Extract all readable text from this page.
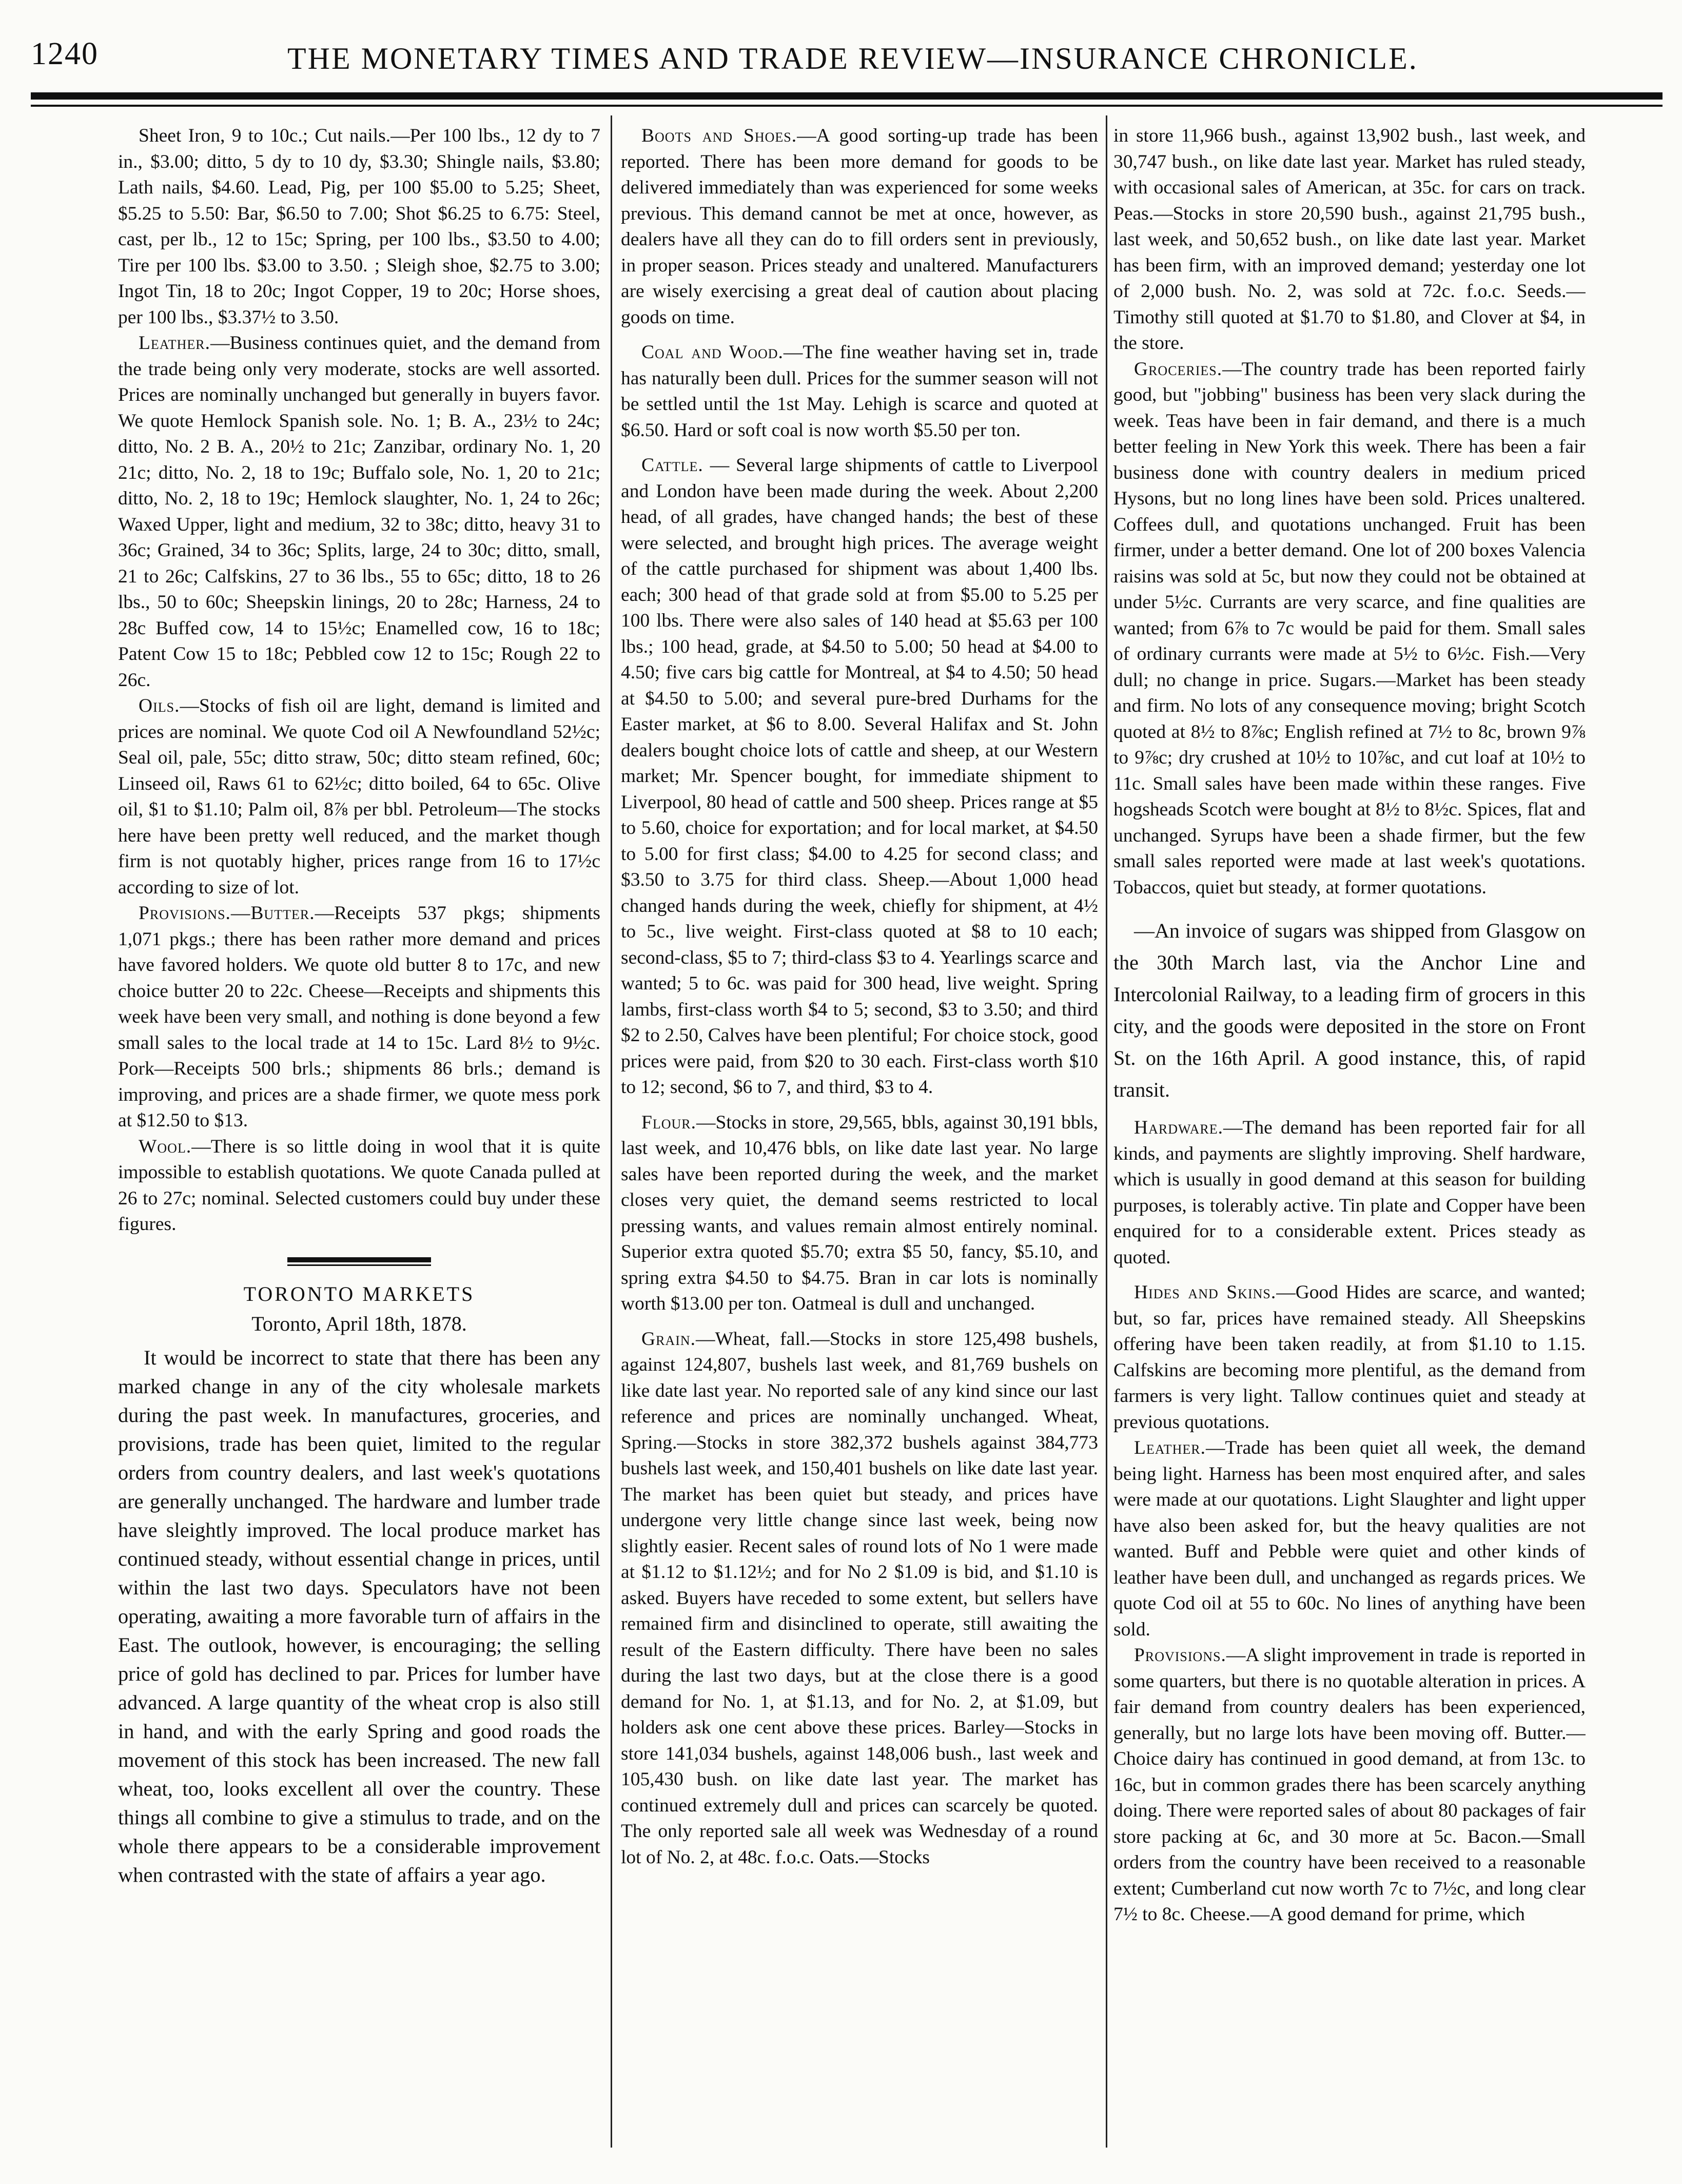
1240	THE MONETARY TIMES AND TRADE REVIEW—INSURANCE CHRONICLE.

Sheet Iron, 9 to 10c.; Cut nails.—Per 100 lbs., 12 dy to 7 in., $3.00; ditto, 5 dy to 10 dy, $3.30; Shingle nails, $3.80; Lath nails, $4.60. Lead, Pig, per 100 $5.00 to 5.25; Sheet, $5.25 to 5.50: Bar, $6.50 to 7.00; Shot $6.25 to 6.75: Steel, cast, per lb., 12 to 15c; Spring, per 100 lbs., $3.50 to 4.00; Tire per 100 lbs. $3.00 to 3.50. ; Sleigh shoe, $2.75 to 3.00; Ingot Tin, 18 to 20c; Ingot Copper, 19 to 20c; Horse shoes, per 100 lbs., $3.37½ to 3.50.

Leather.—Business continues quiet, and the demand from the trade being only very moderate, stocks are well assorted. Prices are nominally unchanged but generally in buyers favor. We quote Hemlock Spanish sole. No. 1; B. A., 23½ to 24c; ditto, No. 2 B. A., 20½ to 21c; Zanzibar, ordinary No. 1, 20 21c; ditto, No. 2, 18 to 19c; Buffalo sole, No. 1, 20 to 21c; ditto, No. 2, 18 to 19c; Hemlock slaughter, No. 1, 24 to 26c; Waxed Upper, light and medium, 32 to 38c; ditto, heavy 31 to 36c; Grained, 34 to 36c; Splits, large, 24 to 30c; ditto, small, 21 to 26c; Calfskins, 27 to 36 lbs., 55 to 65c; ditto, 18 to 26 lbs., 50 to 60c; Sheepskin linings, 20 to 28c; Harness, 24 to 28c Buffed cow, 14 to 15½c; Enamelled cow, 16 to 18c; Patent Cow 15 to 18c; Pebbled cow 12 to 15c; Rough 22 to 26c.

Oils.—Stocks of fish oil are light, demand is limited and prices are nominal. We quote Cod oil A Newfoundland 52½c; Seal oil, pale, 55c; ditto straw, 50c; ditto steam refined, 60c; Linseed oil, Raws 61 to 62½c; ditto boiled, 64 to 65c. Olive oil, $1 to $1.10; Palm oil, 8⅞ per bbl. Petroleum—The stocks here have been pretty well reduced, and the market though firm is not quotably higher, prices range from 16 to 17½c according to size of lot.

Provisions.—Butter.—Receipts 537 pkgs; shipments 1,071 pkgs.; there has been rather more demand and prices have favored holders. We quote old butter 8 to 17c, and new choice butter 20 to 22c. Cheese—Receipts and shipments this week have been very small, and nothing is done beyond a few small sales to the local trade at 14 to 15c. Lard 8½ to 9½c. Pork—Receipts 500 brls.; shipments 86 brls.; demand is improving, and prices are a shade firmer, we quote mess pork at $12.50 to $13.

Wool.—There is so little doing in wool that it is quite impossible to establish quotations. We quote Canada pulled at 26 to 27c; nominal. Selected customers could buy under these figures.

TORONTO MARKETS
Toronto, April 18th, 1878.

It would be incorrect to state that there has been any marked change in any of the city wholesale markets during the past week. In manufactures, groceries, and provisions, trade has been quiet, limited to the regular orders from country dealers, and last week's quotations are generally unchanged. The hardware and lumber trade have sleightly improved. The local produce market has continued steady, without essential change in prices, until within the last two days. Speculators have not been operating, awaiting a more favorable turn of affairs in the East. The outlook, however, is encouraging; the selling price of gold has declined to par. Prices for lumber have advanced. A large quantity of the wheat crop is also still in hand, and with the early Spring and good roads the movement of this stock has been increased. The new fall wheat, too, looks excellent all over the country. These things all combine to give a stimulus to trade, and on the whole there appears to be a considerable improvement when contrasted with the state of affairs a year ago.

Boots and Shoes.—A good sorting-up trade has been reported. There has been more demand for goods to be delivered immediately than was experienced for some weeks previous. This demand cannot be met at once, however, as dealers have all they can do to fill orders sent in previously, in proper season. Prices steady and unaltered. Manufacturers are wisely exercising a great deal of caution about placing goods on time.

Coal and Wood.—The fine weather having set in, trade has naturally been dull. Prices for the summer season will not be settled until the 1st May. Lehigh is scarce and quoted at $6.50. Hard or soft coal is now worth $5.50 per ton.

Cattle. — Several large shipments of cattle to Liverpool and London have been made during the week. About 2,200 head, of all grades, have changed hands; the best of these were selected, and brought high prices. The average weight of the cattle purchased for shipment was about 1,400 lbs. each; 300 head of that grade sold at from $5.00 to 5.25 per 100 lbs. There were also sales of 140 head at $5.63 per 100 lbs.; 100 head, grade, at $4.50 to 5.00; 50 head at $4.00 to 4.50; five cars big cattle for Montreal, at $4 to 4.50; 50 head at $4.50 to 5.00; and several pure-bred Durhams for the Easter market, at $6 to 8.00. Several Halifax and St. John dealers bought choice lots of cattle and sheep, at our Western market; Mr. Spencer bought, for immediate shipment to Liverpool, 80 head of cattle and 500 sheep. Prices range at $5 to 5.60, choice for exportation; and for local market, at $4.50 to 5.00 for first class; $4.00 to 4.25 for second class; and $3.50 to 3.75 for third class. Sheep.—About 1,000 head changed hands during the week, chiefly for shipment, at 4½ to 5c., live weight. First-class quoted at $8 to 10 each; second-class, $5 to 7; third-class $3 to 4. Yearlings scarce and wanted; 5 to 6c. was paid for 300 head, live weight. Spring lambs, first-class worth $4 to 5; second, $3 to 3.50; and third $2 to 2.50, Calves have been plentiful; For choice stock, good prices were paid, from $20 to 30 each. First-class worth $10 to 12; second, $6 to 7, and third, $3 to 4.

Flour.—Stocks in store, 29,565, bbls, against 30,191 bbls, last week, and 10,476 bbls, on like date last year. No large sales have been reported during the week, and the market closes very quiet, the demand seems restricted to local pressing wants, and values remain almost entirely nominal. Superior extra quoted $5.70; extra $5 50, fancy, $5.10, and spring extra $4.50 to $4.75. Bran in car lots is nominally worth $13.00 per ton. Oatmeal is dull and unchanged.

Grain.—Wheat, fall.—Stocks in store 125,498 bushels, against 124,807, bushels last week, and 81,769 bushels on like date last year. No reported sale of any kind since our last reference and prices are nominally unchanged. Wheat, Spring.—Stocks in store 382,372 bushels against 384,773 bushels last week, and 150,401 bushels on like date last year. The market has been quiet but steady, and prices have undergone very little change since last week, being now slightly easier. Recent sales of round lots of No 1 were made at $1.12 to $1.12½; and for No 2 $1.09 is bid, and $1.10 is asked. Buyers have receded to some extent, but sellers have remained firm and disinclined to operate, still awaiting the result of the Eastern difficulty. There have been no sales during the last two days, but at the close there is a good demand for No. 1, at $1.13, and for No. 2, at $1.09, but holders ask one cent above these prices. Barley—Stocks in store 141,034 bushels, against 148,006 bush., last week and 105,430 bush. on like date last year. The market has continued extremely dull and prices can scarcely be quoted. The only reported sale all week was Wednesday of a round lot of No. 2, at 48c. f.o.c. Oats.—Stocks

in store 11,966 bush., against 13,902 bush., last week, and 30,747 bush., on like date last year. Market has ruled steady, with occasional sales of American, at 35c. for cars on track. Peas.—Stocks in store 20,590 bush., against 21,795 bush., last week, and 50,652 bush., on like date last year. Market has been firm, with an improved demand; yesterday one lot of 2,000 bush. No. 2, was sold at 72c. f.o.c. Seeds.—Timothy still quoted at $1.70 to $1.80, and Clover at $4, in the store.

Groceries.—The country trade has been reported fairly good, but "jobbing" business has been very slack during the week. Teas have been in fair demand, and there is a much better feeling in New York this week. There has been a fair business done with country dealers in medium priced Hysons, but no long lines have been sold. Prices unaltered. Coffees dull, and quotations unchanged. Fruit has been firmer, under a better demand. One lot of 200 boxes Valencia raisins was sold at 5c, but now they could not be obtained at under 5½c. Currants are very scarce, and fine qualities are wanted; from 6⅞ to 7c would be paid for them. Small sales of ordinary currants were made at 5½ to 6½c. Fish.—Very dull; no change in price. Sugars.—Market has been steady and firm. No lots of any consequence moving; bright Scotch quoted at 8½ to 8⅞c; English refined at 7½ to 8c, brown 9⅞ to 9⅞c; dry crushed at 10½ to 10⅞c, and cut loaf at 10½ to 11c. Small sales have been made within these ranges. Five hogsheads Scotch were bought at 8½ to 8½c. Spices, flat and unchanged. Syrups have been a shade firmer, but the few small sales reported were made at last week's quotations. Tobaccos, quiet but steady, at former quotations.

—An invoice of sugars was shipped from Glasgow on the 30th March last, via the Anchor Line and Intercolonial Railway, to a leading firm of grocers in this city, and the goods were deposited in the store on Front St. on the 16th April. A good instance, this, of rapid transit.

Hardware.—The demand has been reported fair for all kinds, and payments are slightly improving. Shelf hardware, which is usually in good demand at this season for building purposes, is tolerably active. Tin plate and Copper have been enquired for to a considerable extent. Prices steady as quoted.

Hides and Skins.—Good Hides are scarce, and wanted; but, so far, prices have remained steady. All Sheepskins offering have been taken readily, at from $1.10 to 1.15. Calfskins are becoming more plentiful, as the demand from farmers is very light. Tallow continues quiet and steady at previous quotations.

Leather.—Trade has been quiet all week, the demand being light. Harness has been most enquired after, and sales were made at our quotations. Light Slaughter and light upper have also been asked for, but the heavy qualities are not wanted. Buff and Pebble were quiet and other kinds of leather have been dull, and unchanged as regards prices. We quote Cod oil at 55 to 60c. No lines of anything have been sold.

Provisions.—A slight improvement in trade is reported in some quarters, but there is no quotable alteration in prices. A fair demand from country dealers has been experienced, generally, but no large lots have been moving off. Butter.—Choice dairy has continued in good demand, at from 13c. to 16c, but in common grades there has been scarcely anything doing. There were reported sales of about 80 packages of fair store packing at 6c, and 30 more at 5c. Bacon.—Small orders from the country have been received to a reasonable extent; Cumberland cut now worth 7c to 7½c, and long clear 7½ to 8c. Cheese.—A good demand for prime, which
